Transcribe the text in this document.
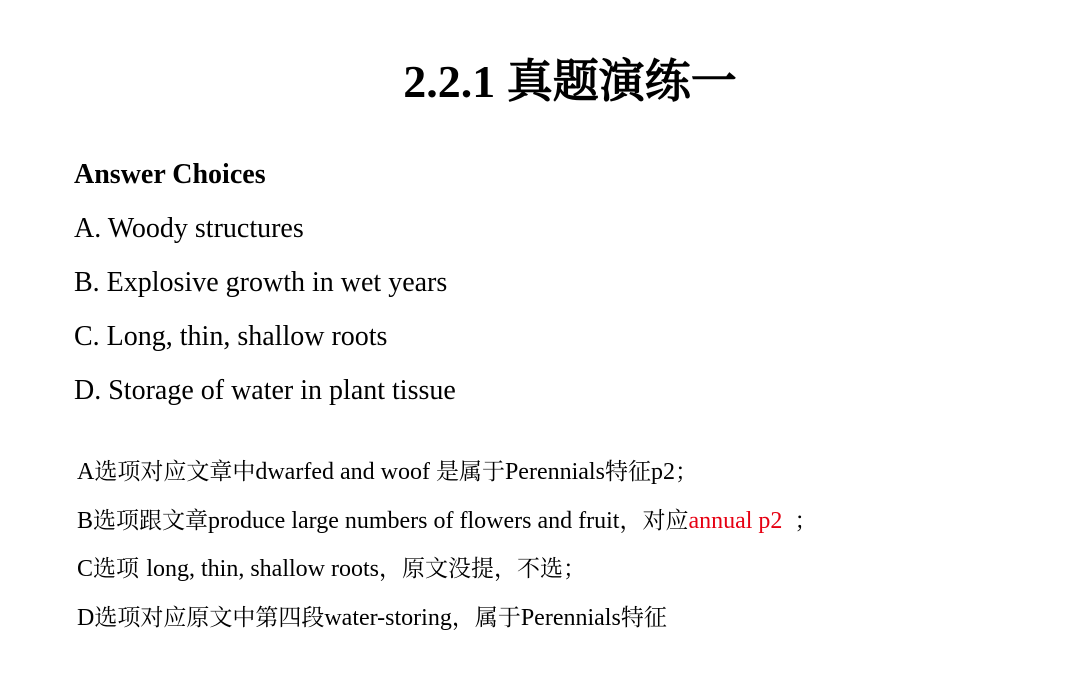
2.2.1 真题演练一
Answer Choices
A. Woody structures
B. Explosive growth in wet years
C. Long, thin, shallow roots
D. Storage of water in plant tissue
A选项对应文章中dwarfed and woof 是属于Perennials特征p2；
B选项跟文章produce large numbers of flowers and fruit，对应annual p2 ；
C选项 long, thin, shallow roots，原文没提，不选；
D选项对应原文中第四段water-storing，属于Perennials特征
